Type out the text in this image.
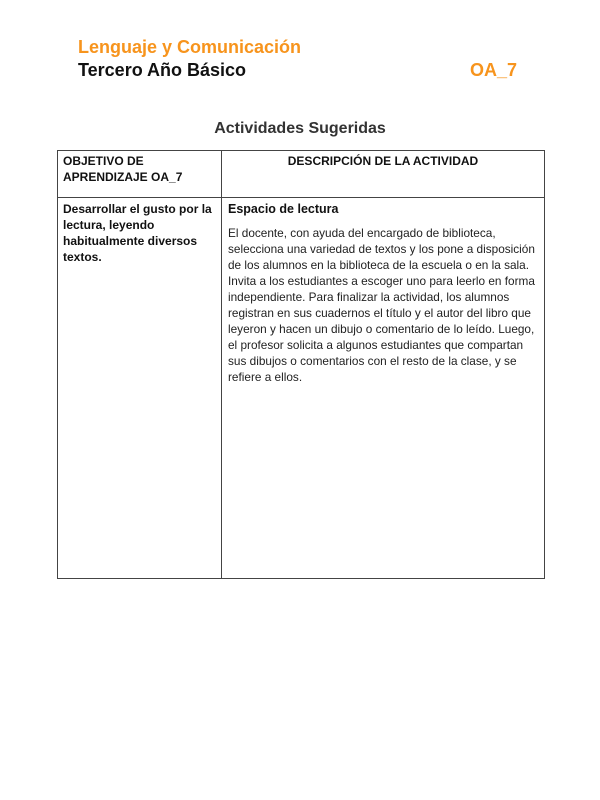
Lenguaje y Comunicación
Tercero Año Básico	OA_7
Actividades Sugeridas
OBJETIVO DE APRENDIZAJE OA_7	DESCRIPCIÓN DE LA ACTIVIDAD
Desarrollar el gusto por la lectura, leyendo habitualmente diversos textos.	Espacio de lectura
El docente, con ayuda del encargado de biblioteca, selecciona una variedad de textos y los pone a disposición de los alumnos en la biblioteca de la escuela o en la sala. Invita a los estudiantes a escoger uno para leerlo en forma independiente. Para finalizar la actividad, los alumnos registran en sus cuadernos el título y el autor del libro que leyeron y hacen un dibujo o comentario de lo leído. Luego, el profesor solicita a algunos estudiantes que compartan sus dibujos o comentarios con el resto de la clase, y se refiere a ellos.
